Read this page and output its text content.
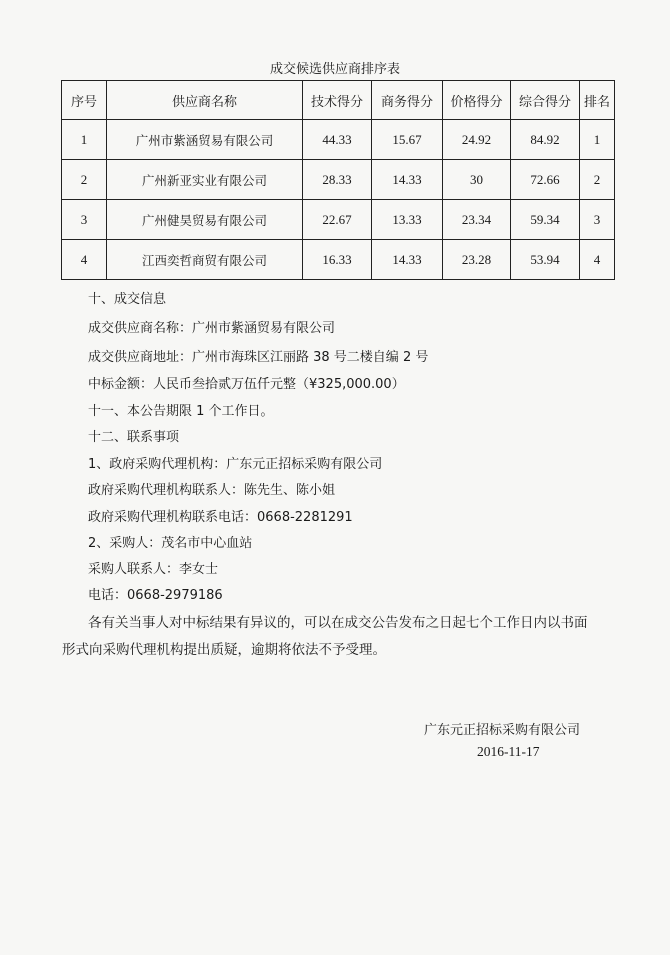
成交候选供应商排序表
序号	供应商名称	技术得分	商务得分	价格得分	综合得分	排名
1	广州市紫涵贸易有限公司	44.33	15.67	24.92	84.92	1
2	广州新亚实业有限公司	28.33	14.33	30	72.66	2
3	广州健昊贸易有限公司	22.67	13.33	23.34	59.34	3
4	江西奕哲商贸有限公司	16.33	14.33	23.28	53.94	4
十、成交信息
成交供应商名称：广州市紫涵贸易有限公司
成交供应商地址：广州市海珠区江丽路 38 号二楼自编 2 号
中标金额：人民币叁拾贰万伍仟元整（¥325,000.00）
十一、本公告期限 1 个工作日。
十二、联系事项
1、政府采购代理机构：广东元正招标采购有限公司
政府采购代理机构联系人：陈先生、陈小姐
政府采购代理机构联系电话：0668-2281291
2、采购人：茂名市中心血站
采购人联系人：李女士
电话：0668-2979186
各有关当事人对中标结果有异议的，可以在成交公告发布之日起七个工作日内以书面
形式向采购代理机构提出质疑，逾期将依法不予受理。
广东元正招标采购有限公司
2016-11-17
